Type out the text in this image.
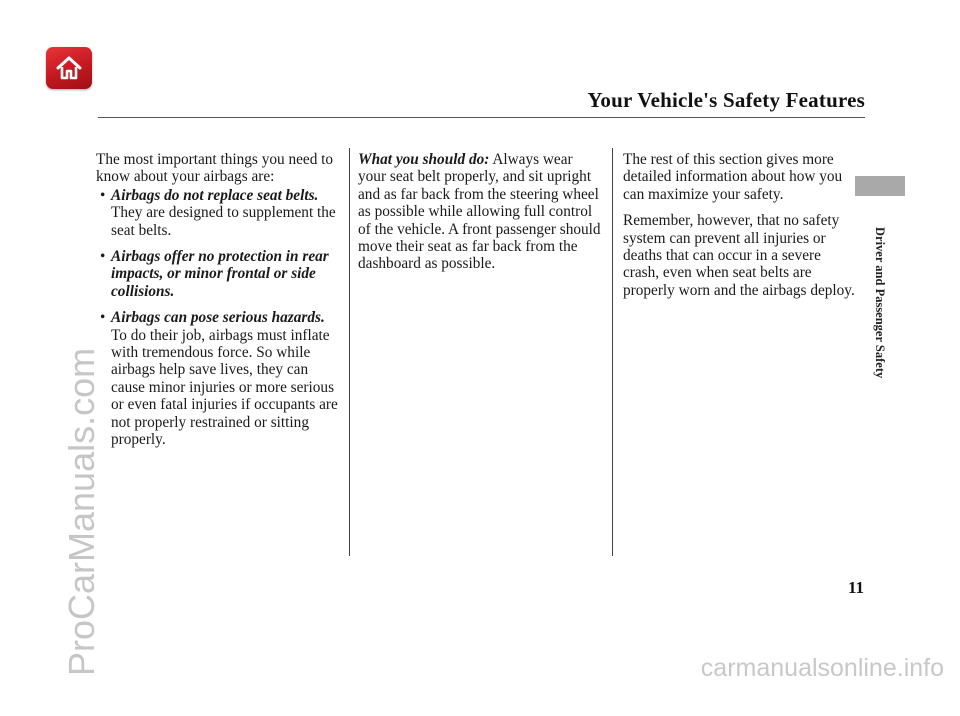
Your Vehicle's Safety Features

The most important things you need to know about your airbags are:

• Airbags do not replace seat belts.
They are designed to supplement the seat belts.
• Airbags offer no protection in rear impacts, or minor frontal or side collisions.
• Airbags can pose serious hazards.
To do their job, airbags must inflate with tremendous force. So while airbags help save lives, they can cause minor injuries or more serious or even fatal injuries if occupants are not properly restrained or sitting properly.

What you should do: Always wear your seat belt properly, and sit upright and as far back from the steering wheel as possible while allowing full control of the vehicle. A front passenger should move their seat as far back from the dashboard as possible.

The rest of this section gives more detailed information about how you can maximize your safety.

Remember, however, that no safety system can prevent all injuries or deaths that can occur in a severe crash, even when seat belts are properly worn and the airbags deploy. Driver and Passenger Safety
11
ProCarManuals.com	carmanualsonline.info
